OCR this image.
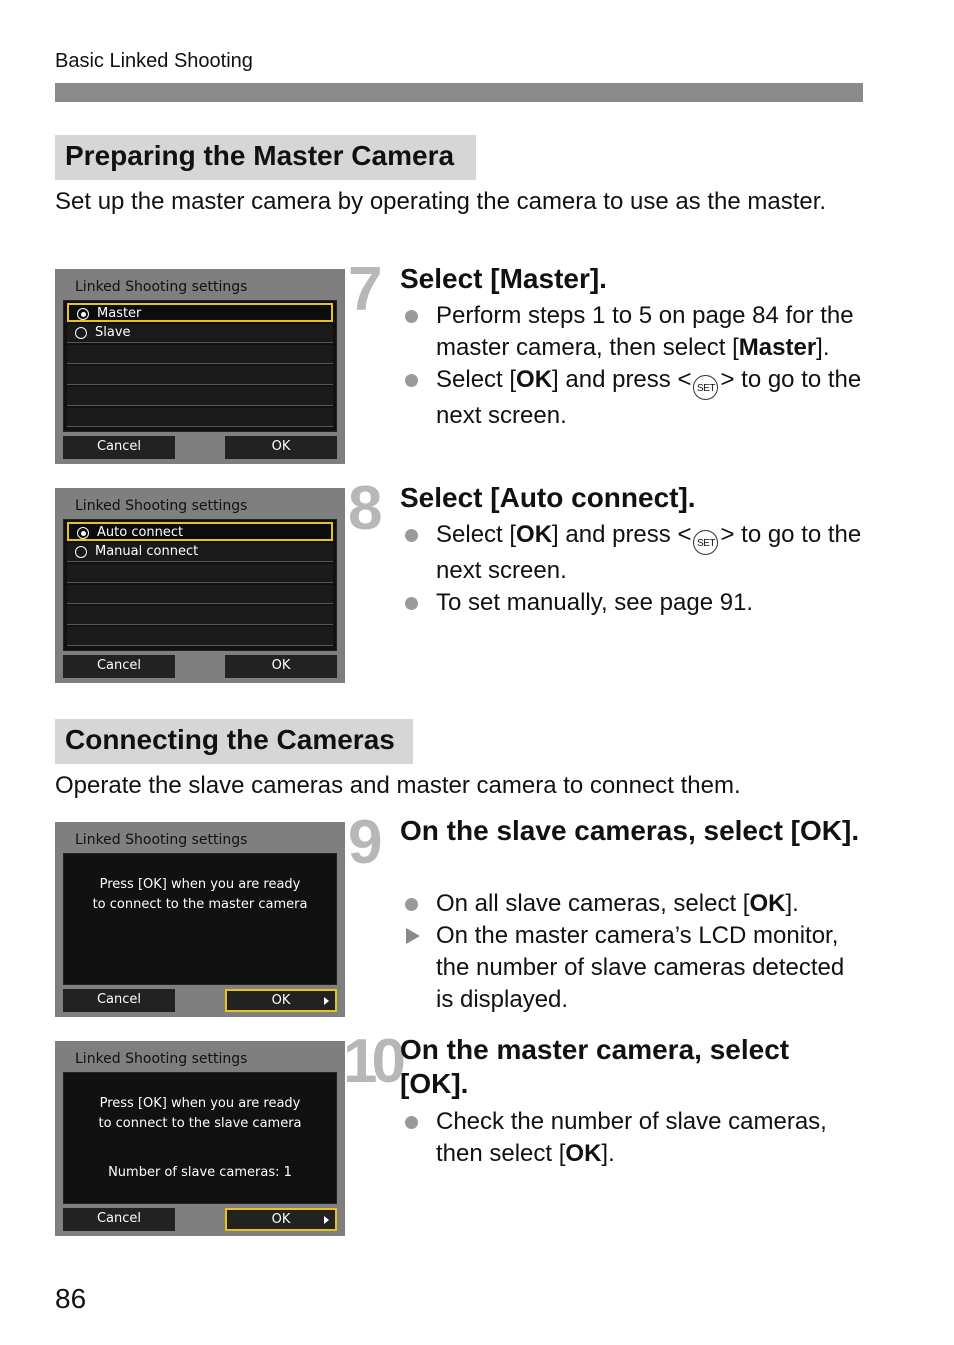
Basic Linked Shooting
Preparing the Master Camera
Set up the master camera by operating the camera to use as the master.
Linked Shooting settings
Master
Slave
Cancel	OK
7 Select [Master].
Perform steps 1 to 5 on page 84 for the master camera, then select [Master].
Select [OK] and press < SET > to go to the next screen.
Linked Shooting settings
Auto connect
Manual connect
Cancel	OK
8 Select [Auto connect].
Select [OK] and press < SET > to go to the next screen.
To set manually, see page 91.
Connecting the Cameras
Operate the slave cameras and master camera to connect them.
Linked Shooting settings
Press [OK] when you are ready
to connect to the master camera
Cancel	OK
9 On the slave cameras, select [OK].
On all slave cameras, select [OK].
On the master camera’s LCD monitor, the number of slave cameras detected is displayed.
Linked Shooting settings
Press [OK] when you are ready
to connect to the slave camera
Number of slave cameras: 1
Cancel	OK
10 On the master camera, select [OK].
Check the number of slave cameras, then select [OK].
86
